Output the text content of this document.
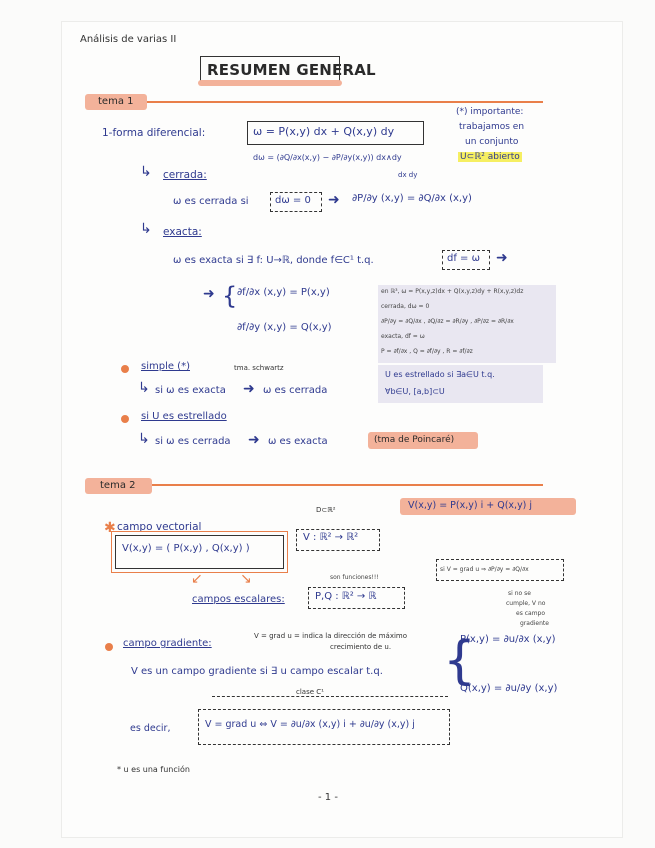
Análisis de varias II
RESUMEN GENERAL
tema 1
1-forma diferencial:	ω = P(x,y) dx + Q(x,y) dy
dω = (∂Q/∂x(x,y) − ∂P/∂y(x,y)) dx∧dy
dx dy
(*) importante:
trabajamos en
un conjunto
U⊂ℝ² abierto
↳ cerrada:
ω es cerrada si	dω = 0 ➜ ∂P/∂y (x,y) = ∂Q/∂x (x,y)
↳ exacta:
ω es exacta si ∃ f: U→ℝ, donde f∈C¹ t.q.	df = ω ➜
➜ { ∂f/∂x (x,y) = P(x,y)
∂f/∂y (x,y) = Q(x,y)
en ℝ³, ω = P(x,y,z)dx + Q(x,y,z)dy + R(x,y,z)dz
cerrada, dω = 0
∂P/∂y = ∂Q/∂x , ∂Q/∂z = ∂R/∂y , ∂P/∂z = ∂R/∂x
exacta, df = ω
P = ∂f/∂x , Q = ∂f/∂y , R = ∂f/∂z
simple (*)	tma. schwartz
↳ si ω es exacta ➜ ω es cerrada
U es estrellado si ∃a∈U t.q.
∀b∈U, [a,b]⊂U
si U es estrellado
↳ si ω es cerrada ➜ ω es exacta	(tma de Poincaré)
tema 2
V(x,y) = P(x,y) i + Q(x,y) j
D⊂ℝ²
✱ campo vectorial
V(x,y) = ( P(x,y) , Q(x,y) )
V : ℝ² → ℝ²
↙	↘	son funciones!!!
campos escalares:	P,Q : ℝ² → ℝ
si V = grad u ⇒ ∂P/∂y = ∂Q/∂x
si no se
cumple, V no
es campo
gradiente
campo gradiente:
V = grad u = indica la dirección de máximo
crecimiento de u.
V es un campo gradiente si ∃ u campo escalar t.q.
clase C¹
{
P(x,y) = ∂u/∂x (x,y)
Q(x,y) = ∂u/∂y (x,y)
es decir,	V = grad u ⇔ V = ∂u/∂x (x,y) i + ∂u/∂y (x,y) j
* u es una función
- 1 -
